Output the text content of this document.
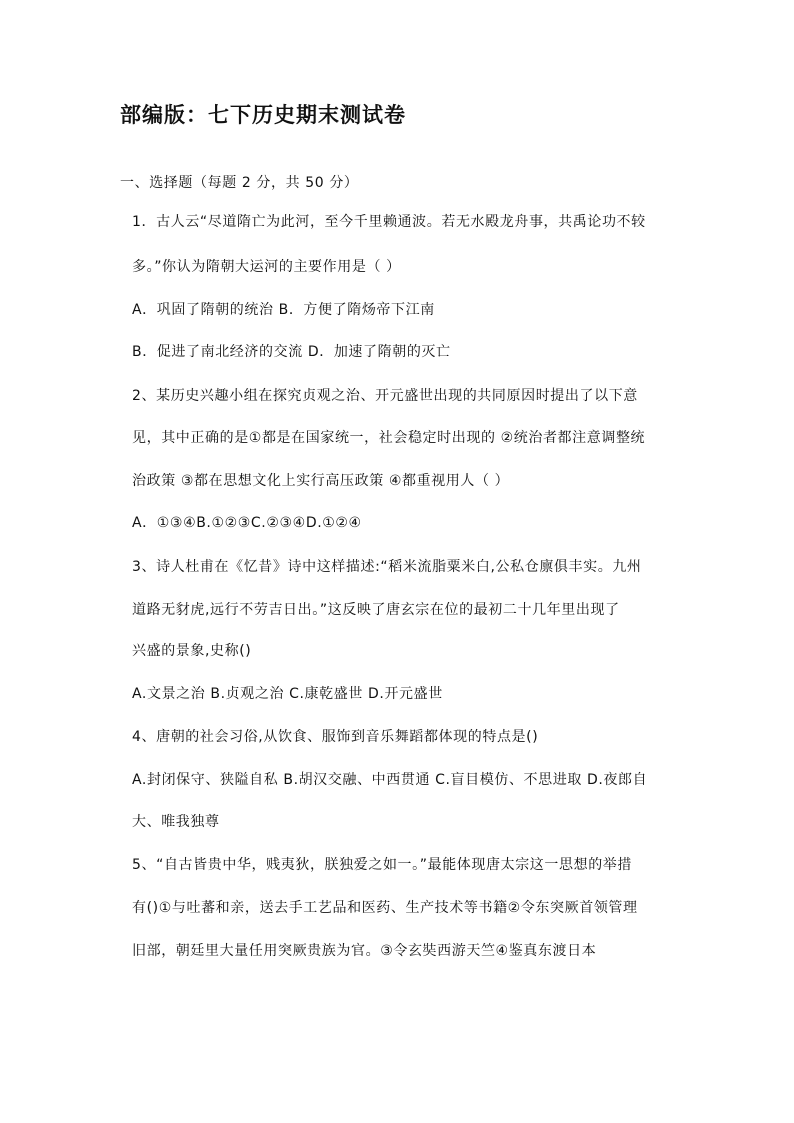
部编版：七下历史期末测试卷
一、选择题（每题 2 分，共 50 分）
1．古人云“尽道隋亡为此河，至今千里赖通波。若无水殿龙舟事，共禹论功不较
多。”你认为隋朝大运河的主要作用是（ ）
A．巩固了隋朝的统治 B．方便了隋炀帝下江南
B．促进了南北经济的交流 D．加速了隋朝的灭亡
2、某历史兴趣小组在探究贞观之治、开元盛世出现的共同原因时提出了以下意
见，其中正确的是①都是在国家统一，社会稳定时出现的 ②统治者都注意调整统
治政策 ③都在思想文化上实行高压政策 ④都重视用人（ ）
A．①③④B.①②③C.②③④D.①②④
3、诗人杜甫在《忆昔》诗中这样描述:“稻米流脂粟米白,公私仓廪俱丰实。九州
道路无豺虎,远行不劳吉日出。”这反映了唐玄宗在位的最初二十几年里出现了
兴盛的景象,史称()
A.文景之治 B.贞观之治 C.康乾盛世 D.开元盛世
4、唐朝的社会习俗,从饮食、服饰到音乐舞蹈都体现的特点是()
A.封闭保守、狭隘自私 B.胡汉交融、中西贯通 C.盲目模仿、不思进取 D.夜郎自
大、唯我独尊
5、“自古皆贵中华，贱夷狄，朕独爱之如一。”最能体现唐太宗这一思想的举措
有()①与吐蕃和亲，送去手工艺品和医药、生产技术等书籍②令东突厥首领管理
旧部，朝廷里大量任用突厥贵族为官。③令玄奘西游天竺④鉴真东渡日本
